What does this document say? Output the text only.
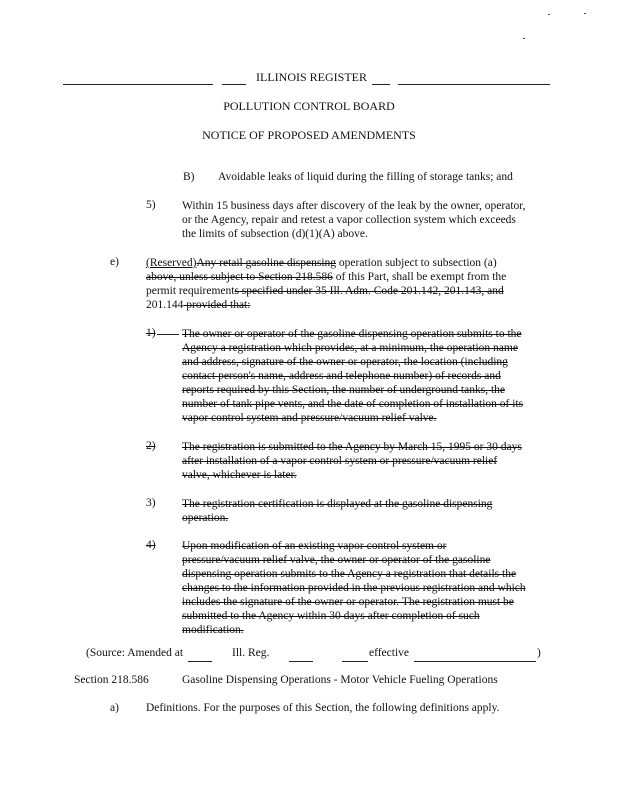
ILLINOIS REGISTER
POLLUTION CONTROL BOARD
NOTICE OF PROPOSED AMENDMENTS
B) Avoidable leaks of liquid during the filling of storage tanks; and
5) Within 15 business days after discovery of the leak by the owner, operator,
or the Agency, repair and retest a vapor collection system which exceeds
the limits of subsection (d)(1)(A) above.
e) (Reserved)Any retail gasoline dispensing operation subject to subsection (a)
above, unless subject to Section 218.586 of this Part, shall be exempt from the
permit requirements specified under 35 Ill. Adm. Code 201.142, 201.143, and
201.144 provided that:
1) The owner or operator of the gasoline dispensing operation submits to the
Agency a registration which provides, at a minimum, the operation name
and address, signature of the owner or operator, the location (including
contact person's name, address and telephone number) of records and
reports required by this Section, the number of underground tanks, the
number of tank pipe vents, and the date of completion of installation of its
vapor control system and pressure/vacuum relief valve.
2) The registration is submitted to the Agency by March 15, 1995 or 30 days
after installation of a vapor control system or pressure/vacuum relief
valve, whichever is later.
3) The registration certification is displayed at the gasoline dispensing
operation.
4) Upon modification of an existing vapor control system or
pressure/vacuum relief valve, the owner or operator of the gasoline
dispensing operation submits to the Agency a registration that details the
changes to the information provided in the previous registration and which
includes the signature of the owner or operator. The registration must be
submitted to the Agency within 30 days after completion of such
modification.
(Source: Amended at	Ill. Reg.	effective	)
Section 218.586	Gasoline Dispensing Operations - Motor Vehicle Fueling Operations
a) Definitions. For the purposes of this Section, the following definitions apply.
